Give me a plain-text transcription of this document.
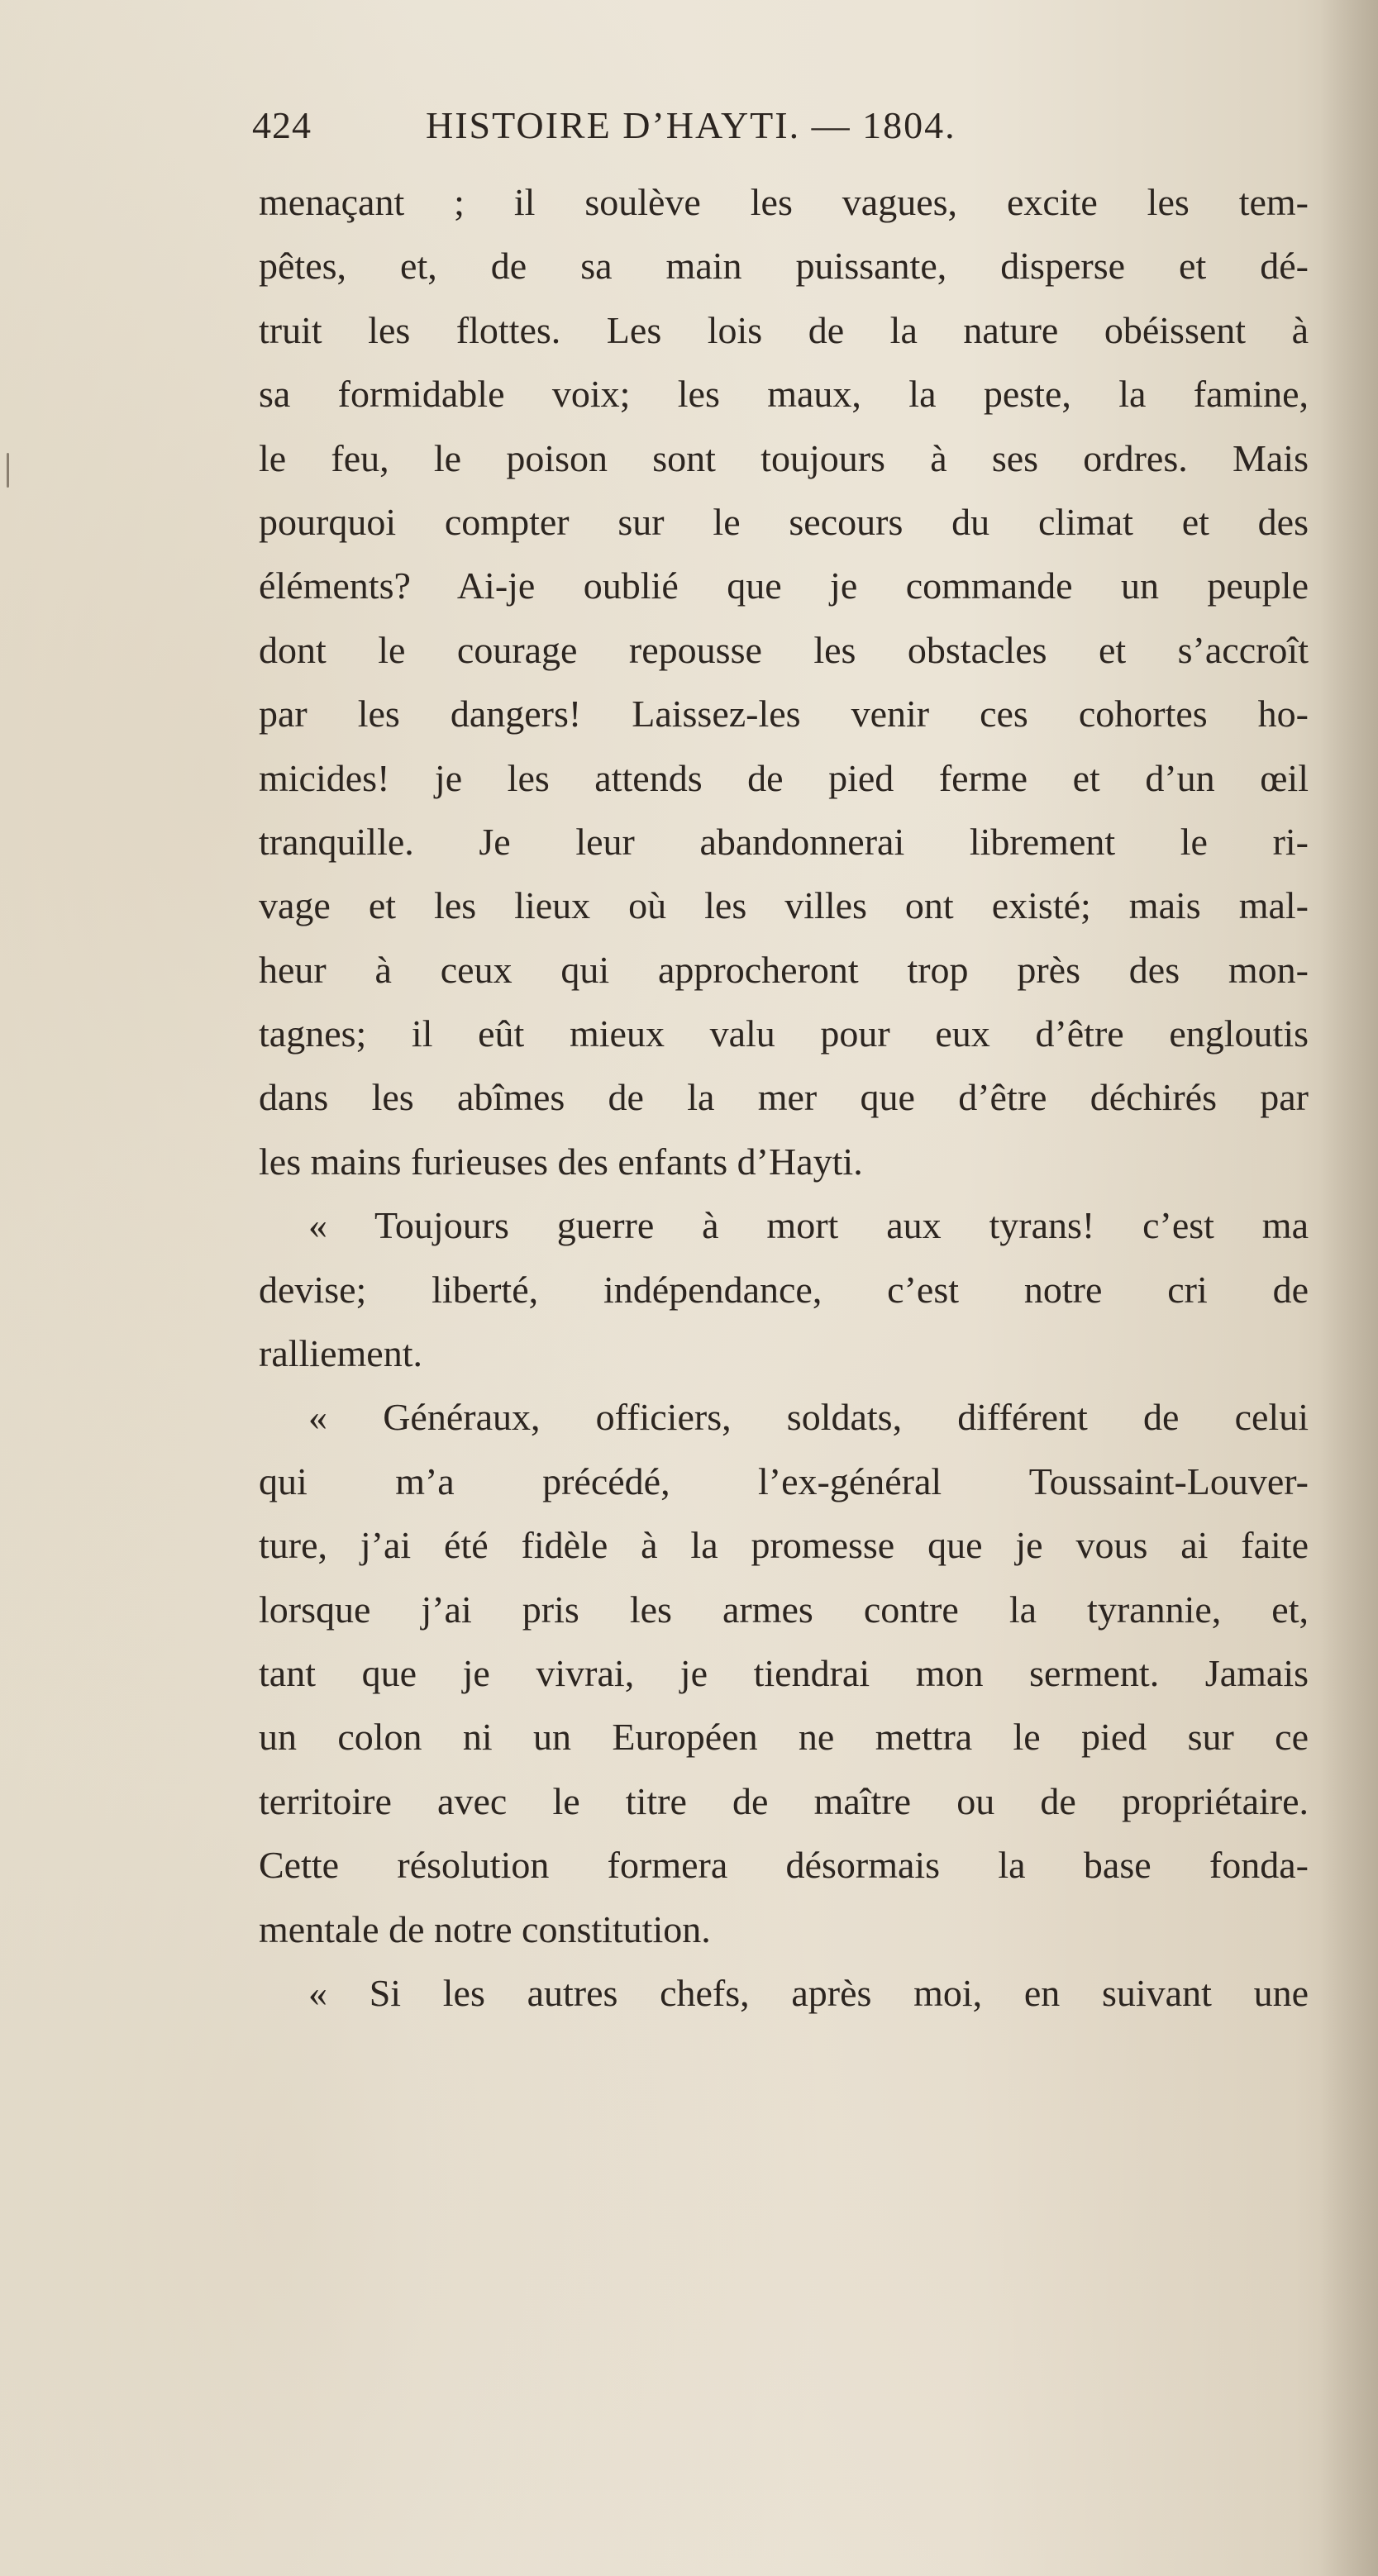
424	HISTOIRE D’HAYTI. — 1804.
menaçant ; il soulève les vagues, excite les tem-
pêtes, et, de sa main puissante, disperse et dé-
truit les flottes. Les lois de la nature obéissent à
sa formidable voix; les maux, la peste, la famine,
le feu, le poison sont toujours à ses ordres. Mais
pourquoi compter sur le secours du climat et des
éléments? Ai-je oublié que je commande un peuple
dont le courage repousse les obstacles et s’accroît
par les dangers! Laissez-les venir ces cohortes ho-
micides! je les attends de pied ferme et d’un œil
tranquille. Je leur abandonnerai librement le ri-
vage et les lieux où les villes ont existé; mais mal-
heur à ceux qui approcheront trop près des mon-
tagnes; il eût mieux valu pour eux d’être engloutis
dans les abîmes de la mer que d’être déchirés par
les mains furieuses des enfants d’Hayti.
« Toujours guerre à mort aux tyrans! c’est ma
devise; liberté, indépendance, c’est notre cri de
ralliement.
« Généraux, officiers, soldats, différent de celui
qui m’a précédé, l’ex-général Toussaint-Louver-
ture, j’ai été fidèle à la promesse que je vous ai faite
lorsque j’ai pris les armes contre la tyrannie, et,
tant que je vivrai, je tiendrai mon serment. Jamais
un colon ni un Européen ne mettra le pied sur ce
territoire avec le titre de maître ou de propriétaire.
Cette résolution formera désormais la base fonda-
mentale de notre constitution.
« Si les autres chefs, après moi, en suivant une
